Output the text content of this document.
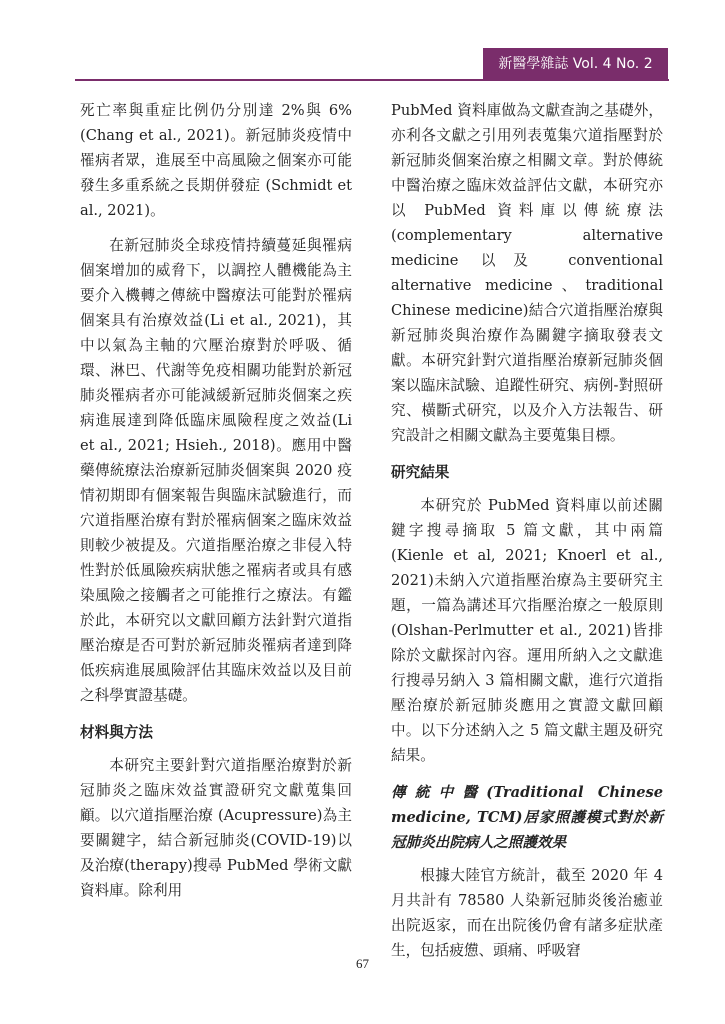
新醫學雜誌 Vol. 4 No. 2

死亡率與重症比例仍分別達 2%與 6% (Chang et al., 2021)。新冠肺炎疫情中罹病者眾，進展至中高風險之個案亦可能發生多重系統之長期併發症 (Schmidt et al., 2021)。

在新冠肺炎全球疫情持續蔓延與罹病個案增加的威脅下，以調控人體機能為主要介入機轉之傳統中醫療法可能對於罹病個案具有治療效益(Li et al., 2021)，其中以氣為主軸的穴壓治療對於呼吸、循環、淋巴、代謝等免疫相關功能對於新冠肺炎罹病者亦可能減緩新冠肺炎個案之疾病進展達到降低臨床風險程度之效益(Li et al., 2021; Hsieh., 2018)。應用中醫藥傳統療法治療新冠肺炎個案與 2020 疫情初期即有個案報告與臨床試驗進行，而穴道指壓治療有對於罹病個案之臨床效益則較少被提及。穴道指壓治療之非侵入特性對於低風險疾病狀態之罹病者或具有感染風險之接觸者之可能推行之療法。有鑑於此，本研究以文獻回顧方法針對穴道指壓治療是否可對於新冠肺炎罹病者達到降低疾病進展風險評估其臨床效益以及目前之科學實證基礎。

材料與方法

本研究主要針對穴道指壓治療對於新冠肺炎之臨床效益實證研究文獻蒐集回顧。以穴道指壓治療 (Acupressure)為主要關鍵字，結合新冠肺炎(COVID-19)以及治療(therapy)搜尋 PubMed 學術文獻資料庫。除利用

PubMed 資料庫做為文獻查詢之基礎外，亦利各文獻之引用列表蒐集穴道指壓對於新冠肺炎個案治療之相關文章。對於傳統中醫治療之臨床效益評估文獻，本研究亦以 PubMed 資料庫以傳統療法(complementary alternative medicine 以及 conventional alternative medicine、traditional Chinese medicine)結合穴道指壓治療與新冠肺炎與治療作為關鍵字摘取發表文獻。本研究針對穴道指壓治療新冠肺炎個案以臨床試驗、追蹤性研究、病例-對照研究、橫斷式研究，以及介入方法報告、研究設計之相關文獻為主要蒐集目標。

研究結果

本研究於 PubMed 資料庫以前述關鍵字搜尋摘取 5 篇文獻，其中兩篇(Kienle et al, 2021; Knoerl et al., 2021)未納入穴道指壓治療為主要研究主題，一篇為講述耳穴指壓治療之一般原則(Olshan-Perlmutter et al., 2021)皆排除於文獻探討內容。運用所納入之文獻進行搜尋另納入 3 篇相關文獻，進行穴道指壓治療於新冠肺炎應用之實證文獻回顧中。以下分述納入之 5 篇文獻主題及研究結果。

傳統中醫(Traditional Chinese medicine, TCM)居家照護模式對於新冠肺炎出院病人之照護效果

根據大陸官方統計，截至 2020 年 4 月共計有 78580 人染新冠肺炎後治癒並出院返家，而在出院後仍會有諸多症狀產生，包括疲憊、頭痛、呼吸窘

67
